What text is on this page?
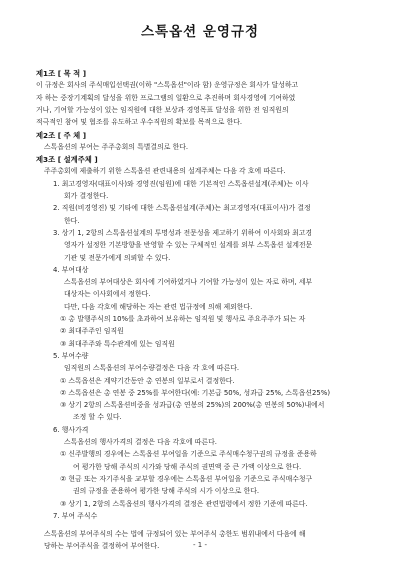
스톡옵션 운영규정
제1조 [ 목 적 ]
이 규정은 회사의 주식매입선택권(이하 "스톡옵션"이라 함) 운영규정은 회사가 달성하고
자 하는 중장기계획의 달성을 위한 프로그램의 일환으로 추진하며 회사경영에 기여하였
거나, 기여할 가능성이 있는 임직원에 대한 보상과 경영목표 달성을 위한 전 임직원의
적극적인 참여 및 협조를 유도하고 우수직원의 확보를 목적으로 한다.
제2조 [ 주 체 ]
스톡옵션의 부여는 주주총회의 특별결의로 한다.
제3조 [ 설계주체 ]
주주총회에 제출하기 위한 스톡옵션 관련내용의 설계주체는 다음 각 호에 따른다.
1. 최고경영자(대표이사)와 경영진(임원)에 대한 기본적인 스톡옵션설계(주체)는 이사
회가 결정한다.
2. 직원(비경영진) 및 기타에 대한 스톡옵션설계(주체)는 최고경영자(대표이사)가 결정
한다.
3. 상기 1, 2항의 스톡옵션설계의 투명성과 전문성을 제고하기 위하여 이사회와 최고경
영자가 설정한 기본방향을 반영할 수 있는 구체적인 설계를 외부 스톡옵션 설계전문
기관 및 전문가에게 의뢰할 수 있다.
4. 부여대상
스톡옵션의 부여대상은 회사에 기여하였거나 기여할 가능성이 있는 자로 하며, 세부
대상자는 이사회에서 정한다.
다만, 다음 각호에 해당하는 자는 관련 법규정에 의해 제외한다.
① 총 발행주식의 10%를 초과하여 보유하는 임직원 및 행사로 주요주주가 되는 자
② 최대주주인 임직원
③ 최대주주와 특수관계에 있는 임직원
5. 부여수량
임직원의 스톡옵션의 부여수량결정은 다음 각 호에 따른다.
① 스톡옵션은 계약기간동안 총 연봉의 일부로서 결정한다.
② 스톡옵션은 총 연봉 중 25%를 부여한다(예: 기본급 50%, 성과급 25%, 스톡옵션25%)
③ 상기 2항의 스톡옵션비중을 성과급(총 연봉의 25%)의 200%(총 연봉의 50%)내에서
조정 할 수 있다.
6. 행사가격
스톡옵션의 행사가격의 결정은 다음 각호에 따른다.
① 신주발행의 경우에는 스톡옵션 부여일을 기준으로 주식매수청구권의 규정을 준용하
여 평가한 당해 주식의 시가와 당해 주식의 권면액 중 큰 가액 이상으로 한다.
② 현금 또는 자기주식을 교부할 경우에는 스톡옵션 부여일을 기준으로 주식매수청구
권의 규정을 준용하여 평가한 당해 주식의 시가 이상으로 한다.
③ 상기 1, 2항의 스톡옵션의 행사가격의 결정은 관련법령에서 정한 기준에 따른다.
7. 부여 주식수
스톡옵션의 부여주식의 수는 법에 규정되어 있는 부여주식 총한도 범위내에서 다음에 해
당하는 부여주식을 결정하여 부여한다.	- 1 -
